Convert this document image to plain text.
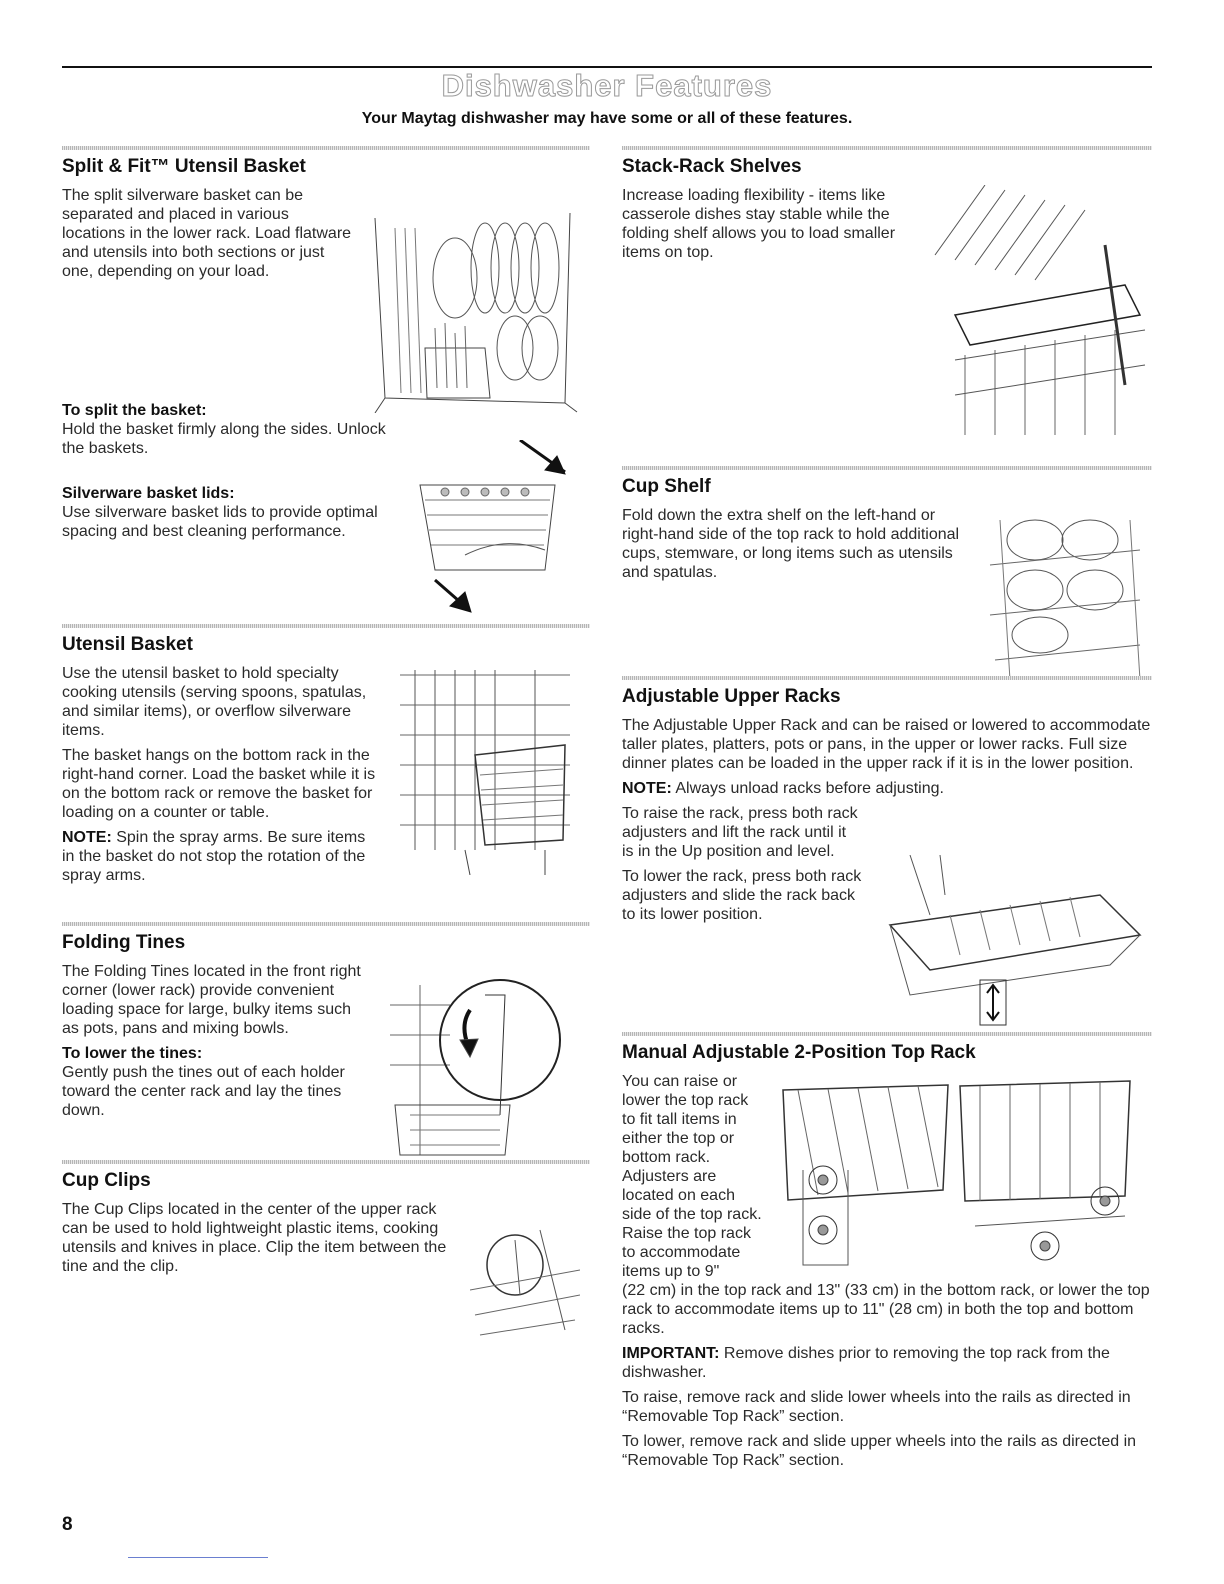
Dishwasher Features
Your Maytag dishwasher may have some or all of these features.
Split & Fit™ Utensil Basket

The split silverware basket can be separated and placed in various locations in the lower rack. Load flatware and utensils into both sections or just one, depending on your load.

To split the basket:

Hold the basket firmly along the sides. Unlock the baskets.

Silverware basket lids:

Use silverware basket lids to provide optimal spacing and best cleaning performance.

Utensil Basket

Use the utensil basket to hold specialty cooking utensils (serving spoons, spatulas, and similar items), or overflow silverware items.

The basket hangs on the bottom rack in the right-hand corner. Load the basket while it is on the bottom rack or remove the basket for loading on a counter or table.

NOTE: Spin the spray arms. Be sure items in the basket do not stop the rotation of the spray arms.

Folding Tines

The Folding Tines located in the front right corner (lower rack) provide convenient loading space for large, bulky items such as pots, pans and mixing bowls.

To lower the tines:

Gently push the tines out of each holder toward the center rack and lay the tines down.

Cup Clips

The Cup Clips located in the center of the upper rack can be used to hold lightweight plastic items, cooking utensils and knives in place. Clip the item between the tine and the clip.

Stack-Rack Shelves

Increase loading flexibility - items like casserole dishes stay stable while the folding shelf allows you to load smaller items on top.

Cup Shelf

Fold down the extra shelf on the left-hand or right-hand side of the top rack to hold additional cups, stemware, or long items such as utensils and spatulas.

Adjustable Upper Racks

The Adjustable Upper Rack and can be raised or lowered to accommodate taller plates, platters, pots or pans, in the upper or lower racks. Full size dinner plates can be loaded in the upper rack if it is in the lower position.

NOTE: Always unload racks before adjusting.

To raise the rack, press both rack adjusters and lift the rack until it is in the Up position and level.

To lower the rack, press both rack adjusters and slide the rack back to its lower position.

Manual Adjustable 2-Position Top Rack

You can raise or lower the top rack to fit tall items in either the top or bottom rack. Adjusters are located on each side of the top rack. Raise the top rack to accommodate items up to 9"

(22 cm) in the top rack and 13" (33 cm) in the bottom rack, or lower the top rack to accommodate items up to 11" (28 cm) in both the top and bottom racks.

IMPORTANT: Remove dishes prior to removing the top rack from the dishwasher.

To raise, remove rack and slide lower wheels into the rails as directed in “Removable Top Rack” section.

To lower, remove rack and slide upper wheels into the rails as directed in “Removable Top Rack” section.

8
